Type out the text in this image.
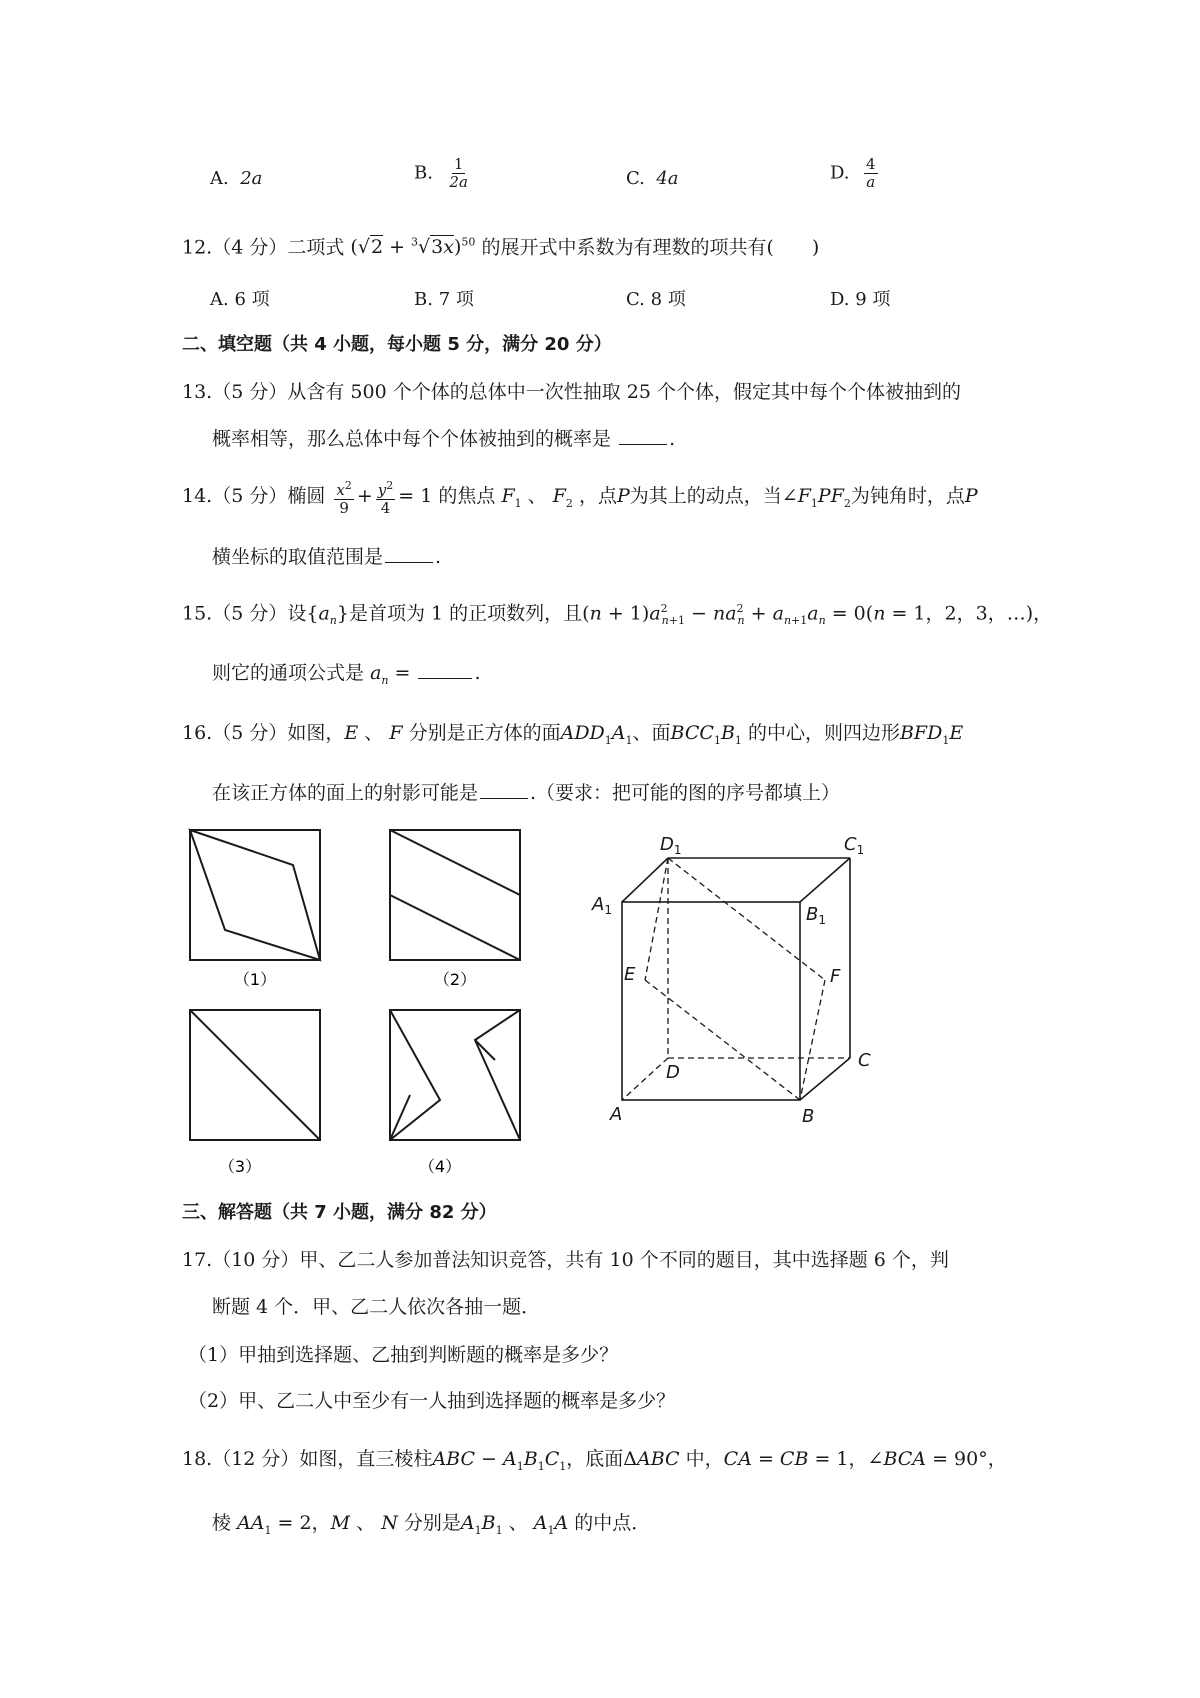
A. 2a	B. $\frac{1}{2a}$	C. 4a	D. $\frac{4}{a}$
12.（4 分）二项式 $(√2 + ^3√3x)^{50}$ 的展开式中系数为有理数的项共有(　　)
A. 6 项	B. 7 项	C. 8 项	D. 9 项
二、填空题（共 4 小题，每小题 5 分，满分 20 分）
13.（5 分）从含有 500 个个体的总体中一次性抽取 25 个个体，假定其中每个个体被抽到的
概率相等，那么总体中每个个体被抽到的概率是	.
14.（5 分）椭圆 $\frac{x^2}{9} + \frac{y^2}{4} = 1$ 的焦点 $F_1$ 、 $F_2$ ，点P为其上的动点，当$\angle F_1PF_2$为钝角时，点P
横坐标的取值范围是	.
15.（5 分）设$\{a_n\}$是首项为 1 的正项数列，且$(n + 1)a^2_{n+1} - na^2_n + a_{n+1}a_n = 0(n = 1$，2，3，…)，
则它的通项公式是 $a_n$ =	.
16.（5 分）如图，E 、 F 分别是正方体的面$ADD_1A_1$、面$BCC_1B_1$ 的中心，则四边形$BFD_1E$
在该正方体的面上的射影可能是	.（要求：把可能的图的序号都填上）
（1）	（2）
（3）	（4）
$D_1$	$C_1$
$A_1$	$B_1$
E	F
D
C
A	B
三、解答题（共 7 小题，满分 82 分）
17.（10 分）甲、乙二人参加普法知识竞答，共有 10 个不同的题目，其中选择题 6 个，判
断题 4 个．甲、乙二人依次各抽一题．
（1）甲抽到选择题、乙抽到判断题的概率是多少？
（2）甲、乙二人中至少有一人抽到选择题的概率是多少？
18.（12 分）如图，直三棱柱ABC − $A_1B_1C_1$，底面ΔABC 中，CA = CB = 1，∠BCA = 90°，
棱 $AA_1 = 2$，M 、 N 分别是$A_1B_1$ 、 $A_1A$ 的中点．
